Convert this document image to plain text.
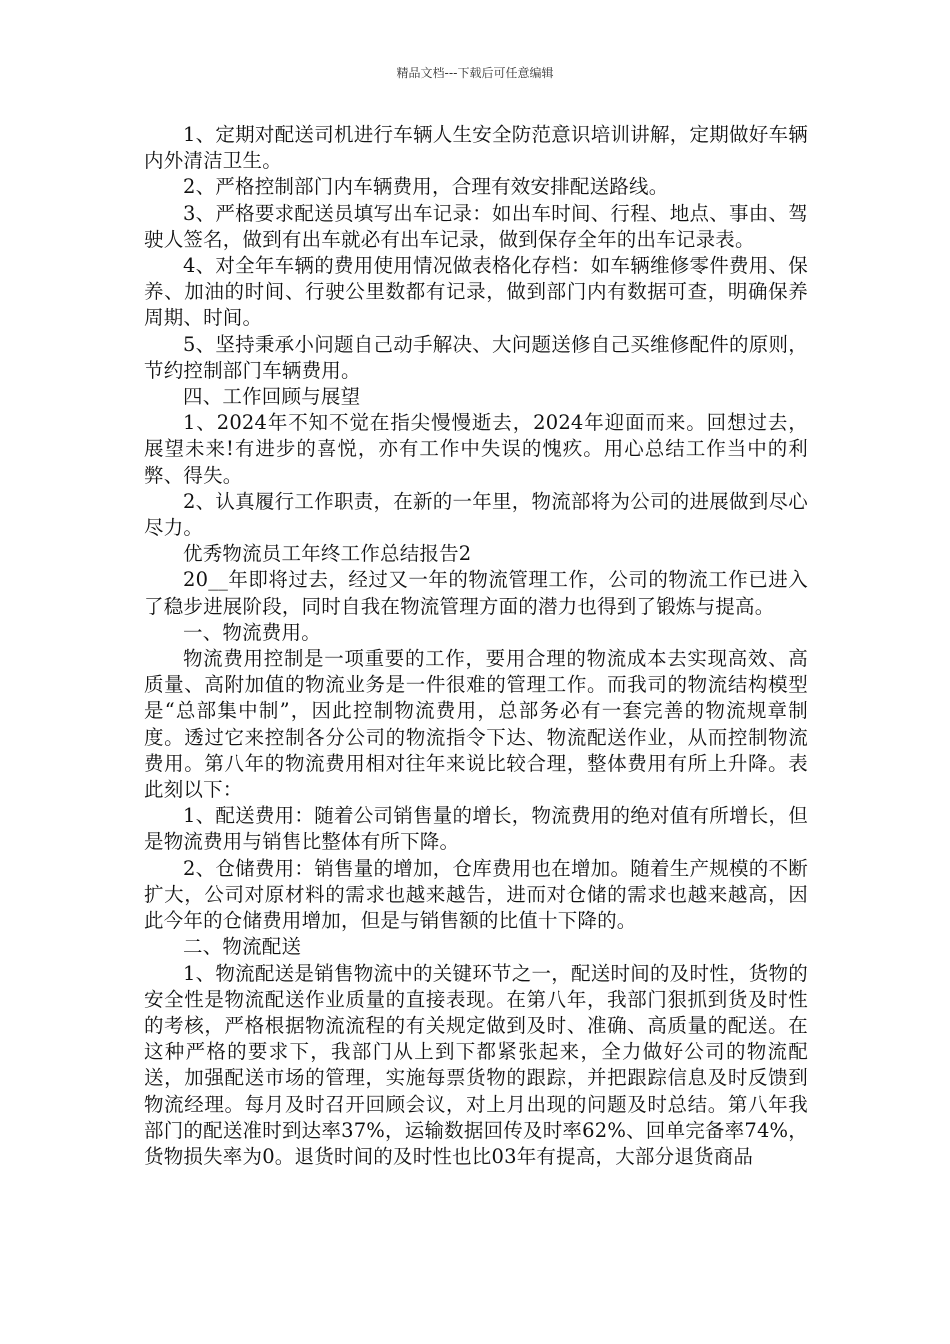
精品文档---下载后可任意编辑

1、定期对配送司机进行车辆人生安全防范意识培训讲解，定期做好车辆内外清洁卫生。

2、严格控制部门内车辆费用，合理有效安排配送路线。

3、严格要求配送员填写出车记录：如出车时间、行程、地点、事由、驾驶人签名，做到有出车就必有出车记录，做到保存全年的出车记录表。

4、对全年车辆的费用使用情况做表格化存档：如车辆维修零件费用、保养、加油的时间、行驶公里数都有记录，做到部门内有数据可查，明确保养周期、时间。

5、坚持秉承小问题自己动手解决、大问题送修自己买维修配件的原则，节约控制部门车辆费用。

四、工作回顾与展望

1、2024年不知不觉在指尖慢慢逝去，2024年迎面而来。回想过去，展望未来!有进步的喜悦，亦有工作中失误的愧疚。用心总结工作当中的利弊、得失。

2、认真履行工作职责，在新的一年里，物流部将为公司的进展做到尽心尽力。

优秀物流员工年终工作总结报告2

20__年即将过去，经过又一年的物流管理工作，公司的物流工作已进入了稳步进展阶段，同时自我在物流管理方面的潜力也得到了锻炼与提高。

一、物流费用。

物流费用控制是一项重要的工作，要用合理的物流成本去实现高效、高质量、高附加值的物流业务是一件很难的管理工作。而我司的物流结构模型是“总部集中制”，因此控制物流费用，总部务必有一套完善的物流规章制度。透过它来控制各分公司的物流指令下达、物流配送作业，从而控制物流费用。第八年的物流费用相对往年来说比较合理，整体费用有所上升降。表此刻以下：

1、配送费用：随着公司销售量的增长，物流费用的绝对值有所增长，但是物流费用与销售比整体有所下降。

2、仓储费用：销售量的增加，仓库费用也在增加。随着生产规模的不断扩大，公司对原材料的需求也越来越告，进而对仓储的需求也越来越高，因此今年的仓储费用增加，但是与销售额的比值十下降的。

二、物流配送

1、物流配送是销售物流中的关键环节之一，配送时间的及时性，货物的安全性是物流配送作业质量的直接表现。在第八年，我部门狠抓到货及时性的考核，严格根据物流流程的有关规定做到及时、准确、高质量的配送。在这种严格的要求下，我部门从上到下都紧张起来，全力做好公司的物流配送，加强配送市场的管理，实施每票货物的跟踪，并把跟踪信息及时反馈到物流经理。每月及时召开回顾会议，对上月出现的问题及时总结。第八年我部门的配送准时到达率37%，运输数据回传及时率62%、回单完备率74%，货物损失率为0。退货时间的及时性也比03年有提高，大部分退货商品
